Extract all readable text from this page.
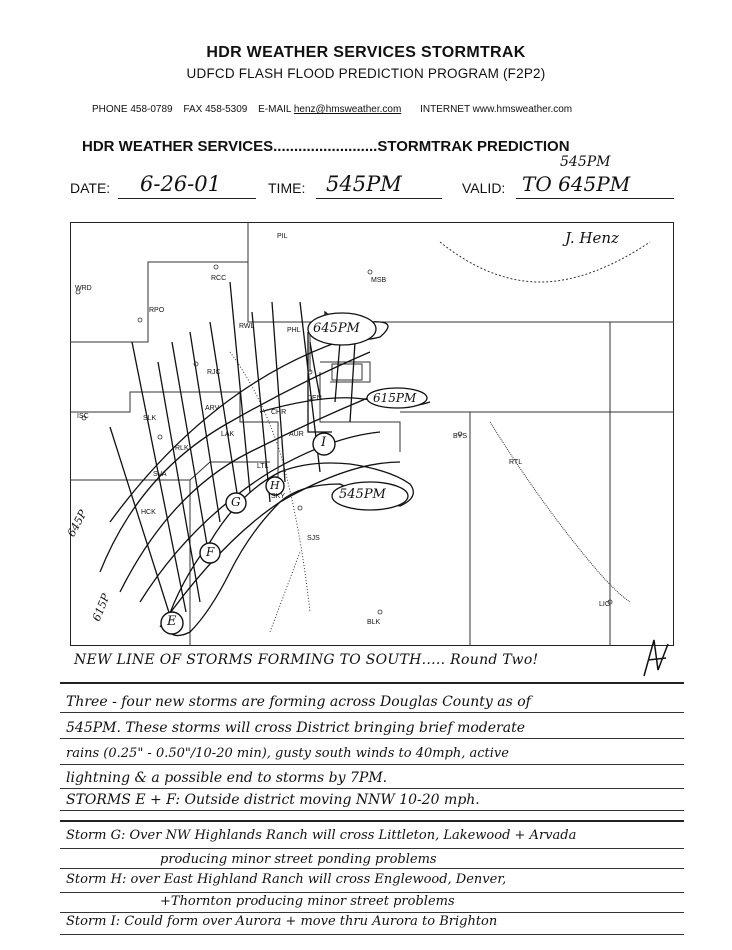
HDR WEATHER SERVICES STORMTRAK
UDFCD FLASH FLOOD PREDICTION PROGRAM (F2P2)
PHONE 458-0789 FAX 458-5309 E-MAIL henz@hmsweather.com INTERNET www.hmsweather.com
HDR WEATHER SERVICES.........................STORMTRAK PREDICTION
DATE: 6-26-01	TIME: 545PM	VALID:
545PM
TO 645PM
PIL
MSB
WRD
RPO
RCC
RWL
PHL
DEN
AUR	BYS
ARV
SLK
LAK
RLK
SVA
LTL
RJC
ISC
SJS
SKY
HCK
RTL
BLK
LIC
CHR
J. Henz
645PM
615PM
545PM
645P
615P	E
F
G
H
I
NEW LINE OF STORMS FORMING TO SOUTH..... Round Two!
Three - four new storms are forming across Douglas County as of
545PM. These storms will cross District bringing brief moderate
rains (0.25" - 0.50"/10-20 min), gusty south winds to 40mph, active
lightning & a possible end to storms by 7PM.
STORMS E + F: Outside district moving NNW 10-20 mph.
Storm G: Over NW Highlands Ranch will cross Littleton, Lakewood + Arvada
producing minor street ponding problems
Storm H: over East Highland Ranch will cross Englewood, Denver,
+Thornton producing minor street problems
Storm I: Could form over Aurora + move thru Aurora to Brighton
